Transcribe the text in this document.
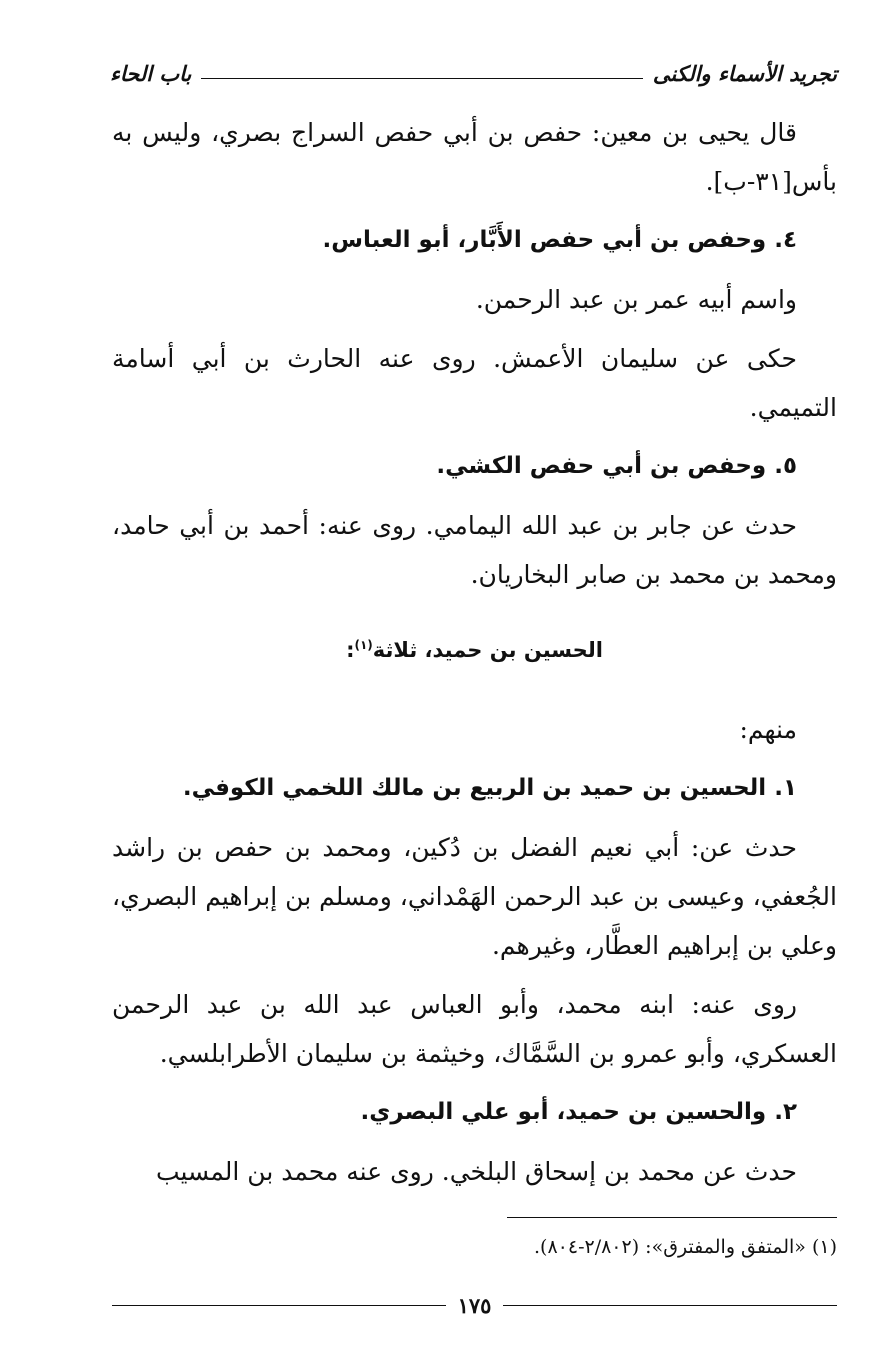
تجريد الأسماء والكنى
باب الحاء

قال يحيى بن معين: حفص بن أبي حفص السراج بصري، وليس به بأس[٣١-ب].

٤. وحفص بن أبي حفص الأَبَّار، أبو العباس.

واسم أبيه عمر بن عبد الرحمن.

حكى عن سليمان الأعمش. روى عنه الحارث بن أبي أسامة التميمي.

٥. وحفص بن أبي حفص الكشي.

حدث عن جابر بن عبد الله اليمامي. روى عنه: أحمد بن أبي حامد، ومحمد بن محمد بن صابر البخاريان.

الحسين بن حميد، ثلاثة$^{(١)}$:

منهم:

١. الحسين بن حميد بن الربيع بن مالك اللخمي الكوفي.

حدث عن: أبي نعيم الفضل بن دُكين، ومحمد بن حفص بن راشد الجُعفي، وعيسى بن عبد الرحمن الهَمْداني، ومسلم بن إبراهيم البصري، وعلي بن إبراهيم العطَّار، وغيرهم.

روى عنه: ابنه محمد، وأبو العباس عبد الله بن عبد الرحمن العسكري، وأبو عمرو بن السَّمَّاك، وخيثمة بن سليمان الأطرابلسي.

٢. والحسين بن حميد، أبو علي البصري.

حدث عن محمد بن إسحاق البلخي. روى عنه محمد بن المسيب

(١) «المتفق والمفترق»: (٢/٨٠٢-٨٠٤).
١٧٥
